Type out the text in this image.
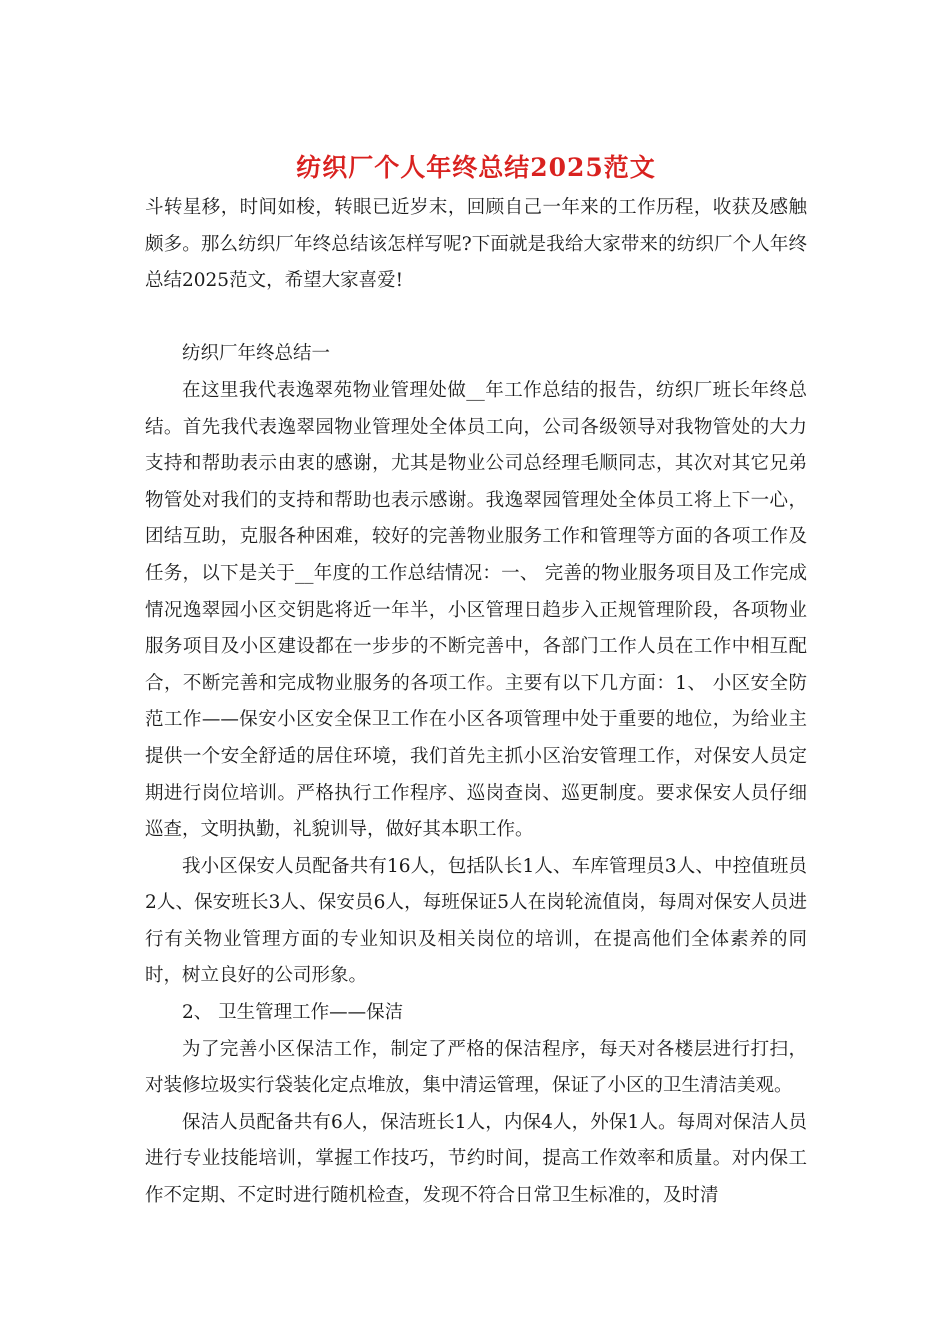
纺织厂个人年终总结2025范文

斗转星移，时间如梭，转眼已近岁末，回顾自己一年来的工作历程，收获及感触颇多。那么纺织厂年终总结该怎样写呢?下面就是我给大家带来的纺织厂个人年终总结2025范文，希望大家喜爱!

纺织厂年终总结一

在这里我代表逸翠苑物业管理处做__年工作总结的报告，纺织厂班长年终总结。首先我代表逸翠园物业管理处全体员工向，公司各级领导对我物管处的大力支持和帮助表示由衷的感谢，尤其是物业公司总经理毛顺同志，其次对其它兄弟物管处对我们的支持和帮助也表示感谢。我逸翠园管理处全体员工将上下一心，团结互助，克服各种困难，较好的完善物业服务工作和管理等方面的各项工作及任务，以下是关于__年度的工作总结情况：一、 完善的物业服务项目及工作完成情况逸翠园小区交钥匙将近一年半，小区管理日趋步入正规管理阶段，各项物业服务项目及小区建设都在一步步的不断完善中，各部门工作人员在工作中相互配合，不断完善和完成物业服务的各项工作。主要有以下几方面：1、 小区安全防范工作——保安小区安全保卫工作在小区各项管理中处于重要的地位，为给业主提供一个安全舒适的居住环境，我们首先主抓小区治安管理工作，对保安人员定期进行岗位培训。严格执行工作程序、巡岗查岗、巡更制度。要求保安人员仔细巡查，文明执勤，礼貌训导，做好其本职工作。

我小区保安人员配备共有16人，包括队长1人、车库管理员3人、中控值班员2人、保安班长3人、保安员6人，每班保证5人在岗轮流值岗，每周对保安人员进行有关物业管理方面的专业知识及相关岗位的培训，在提高他们全体素养的同时，树立良好的公司形象。

2、 卫生管理工作——保洁

为了完善小区保洁工作，制定了严格的保洁程序，每天对各楼层进行打扫，对装修垃圾实行袋装化定点堆放，集中清运管理，保证了小区的卫生清洁美观。

保洁人员配备共有6人，保洁班长1人，内保4人，外保1人。每周对保洁人员进行专业技能培训，掌握工作技巧，节约时间，提高工作效率和质量。对内保工作不定期、不定时进行随机检查，发现不符合日常卫生标准的，及时清
